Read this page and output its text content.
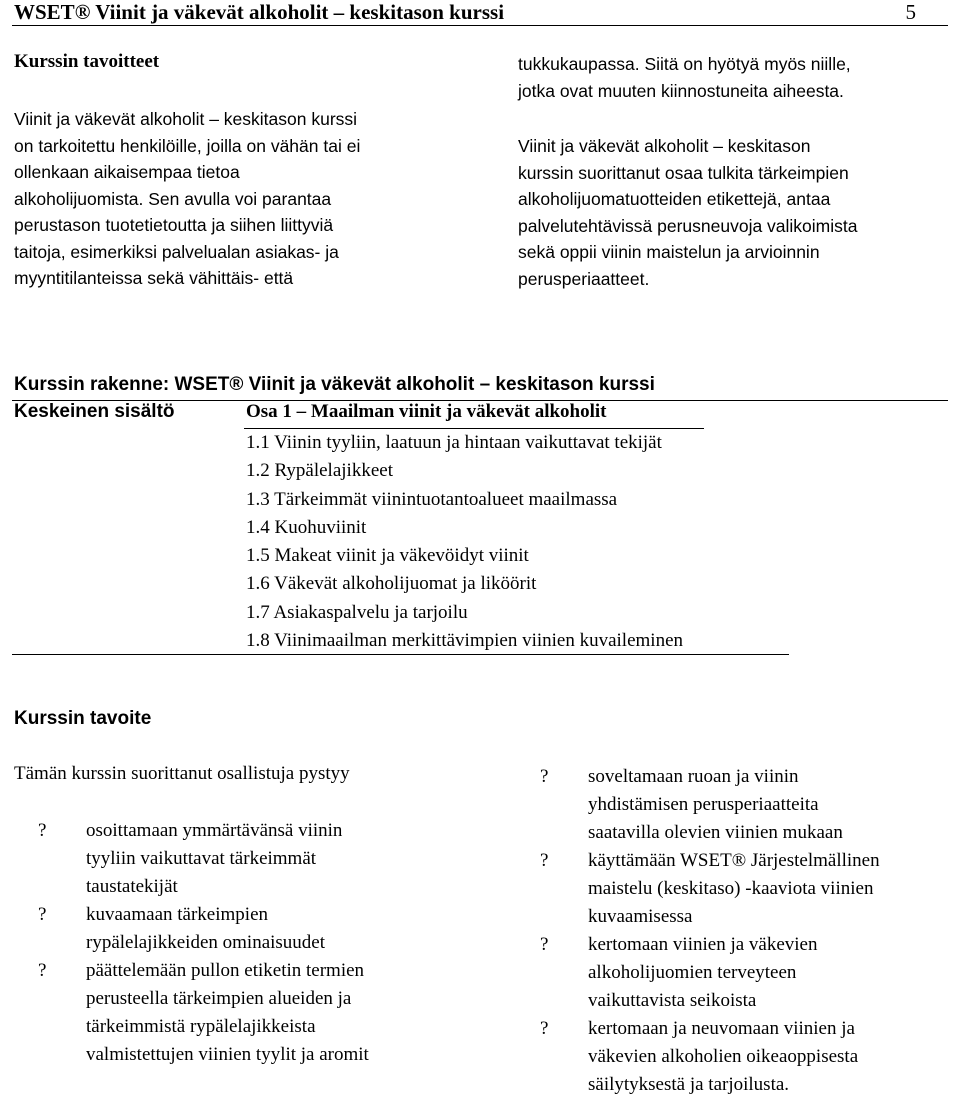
WSET® Viinit ja väkevät alkoholit – keskitason kurssi	5
Kurssin tavoitteet
Viinit ja väkevät alkoholit – keskitason kurssi
on tarkoitettu henkilöille, joilla on vähän tai ei
ollenkaan aikaisempaa tietoa
alkoholijuomista. Sen avulla voi parantaa
perustason tuotetietoutta ja siihen liittyviä
taitoja, esimerkiksi palvelualan asiakas- ja
myyntitilanteissa sekä vähittäis- että
tukkukaupassa. Siitä on hyötyä myös niille,
jotka ovat muuten kiinnostuneita aiheesta.
Viinit ja väkevät alkoholit – keskitason
kurssin suorittanut osaa tulkita tärkeimpien
alkoholijuomatuotteiden etikettejä, antaa
palvelutehtävissä perusneuvoja valikoimista
sekä oppii viinin maistelun ja arvioinnin
perusperiaatteet.
Kurssin rakenne: WSET® Viinit ja väkevät alkoholit – keskitason kurssi
Keskeinen sisältö	Osa 1 – Maailman viinit ja väkevät alkoholit
1.1 Viinin tyyliin, laatuun ja hintaan vaikuttavat tekijät
1.2 Rypälelajikkeet
1.3 Tärkeimmät viinintuotantoalueet maailmassa
1.4 Kuohuviinit
1.5 Makeat viinit ja väkevöidyt viinit
1.6 Väkevät alkoholijuomat ja liköörit
1.7 Asiakaspalvelu ja tarjoilu
1.8 Viinimaailman merkittävimpien viinien kuvaileminen
Kurssin tavoite
Tämän kurssin suorittanut osallistuja pystyy
? osoittamaan ymmärtävänsä viinin
tyyliin vaikuttavat tärkeimmät
taustatekijät
? kuvaamaan tärkeimpien
rypälelajikkeiden ominaisuudet
? päättelemään pullon etiketin termien
perusteella tärkeimpien alueiden ja
tärkeimmistä rypälelajikkeista
valmistettujen viinien tyylit ja aromit
? soveltamaan ruoan ja viinin
yhdistämisen perusperiaatteita
saatavilla olevien viinien mukaan
? käyttämään WSET® Järjestelmällinen
maistelu (keskitaso) -kaaviota viinien
kuvaamisessa
? kertomaan viinien ja väkevien
alkoholijuomien terveyteen
vaikuttavista seikoista
? kertomaan ja neuvomaan viinien ja
väkevien alkoholien oikeaoppisesta
säilytyksestä ja tarjoilusta.
